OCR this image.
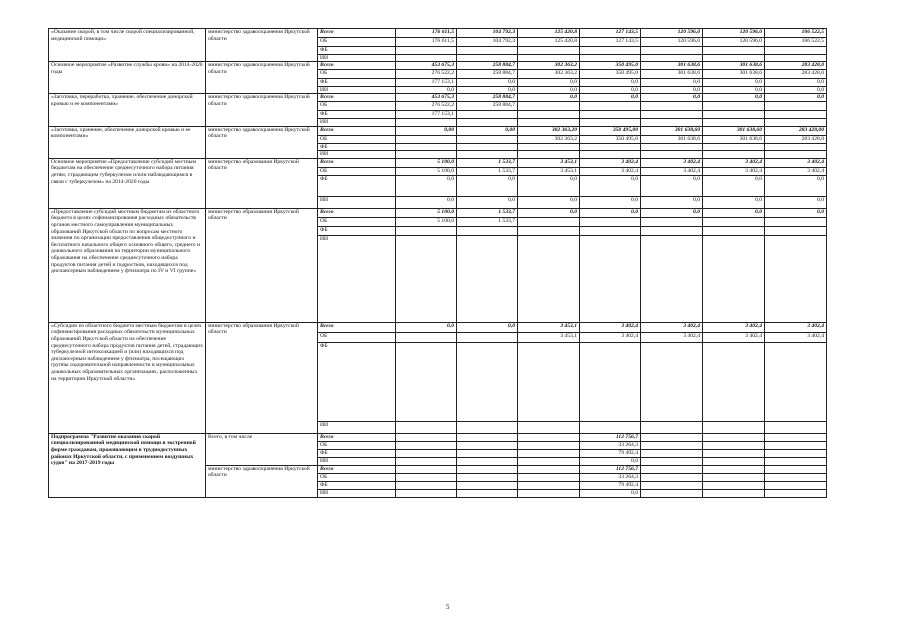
«Оказание скорой, в том числе скорой специализированной, медицинской помощи»	министерство здравоохранения Иркутской области	Всего	176 611,5	104 792,3	125 420,8	127 143,5	120 596,0	120 596,0	106 522,5
		ОБ	176 611,5	104 792,3	125 420,8	127 143,5	120 596,0	120 596,0	106 522,5
		ФБ							
		ИИ							
Основное мероприятие «Развитие службы крови» на 2014-2020 годы	министерство здравоохранения Иркутской области	Всего	453 675,3	258 884,7	302 363,2	350 495,0	301 638,6	301 638,6	283 428,0
		ОБ	276 522,2	258 884,7	302 363,2	350 495,0	301 638,6	301 638,6	283 428,0
		ФБ	177 153,1	0,0	0,0	0,0	0,0	0,0	0,0
		ИИ	0,0	0,0	0,0	0,0	0,0	0,0	0,0
«Заготовка, переработка, хранение, обеспечение донорской кровью и ее компонентами»	министерство здравоохранения Иркутской области	Всего	453 675,3	258 884,7	0,0	0,0	0,0	0,0	0,0
		ОБ	276 522,2	258 884,7					
		ФБ	177 153,1						
		ИИ							
«Заготовка, хранение, обеспечение донорской кровью и ее компонентами»	министерство здравоохранения Иркутской области	Всего	0,00	0,00	302 363,20	350 495,00	301 638,60	301 638,60	283 428,00
		ОБ			302 363,2	350 495,0	301 638,6	301 638,6	283 428,0
		ФБ							
		ИИ							
Основное мероприятие «Предоставление субсидий местным бюджетам на обеспечение среднесуточного набора питания детям, страдающим туберкулезом и/или наблюдающимся в связи с туберкулезом» на 2014-2020 годы	министерство образования Иркутской области	Всего	5 100,0	1 533,7	3 453,1	3 402,4	3 402,4	3 402,4	3 402,4
		ОБ	5 100,0	1 533,7	3 453,1	3 402,4	3 402,4	3 402,4	3 402,4
		ФБ	0,0	0,0	0,0	0,0	0,0	0,0	0,0
		ИИ	0,0	0,0	0,0	0,0	0,0	0,0	0,0
«Предоставление субсидий местным бюджетам из областного бюджета в целях софинансирования расходных обязательств органов местного самоуправления муниципальных образований Иркутской области по вопросам местного значения по организации предоставления общедоступного и бесплатного начального общего основного общего, среднего и дошкольного образования на территории муниципального образования на обеспечение среднесуточного набора продуктов питания детей и подростков, находящихся под диспансерным наблюдением у фтизиатра по IV и VI группе»	министерство образования Иркутской области	Всего	5 100,0	1 533,7	0,0	0,0	0,0	0,0	0,0
		ОБ	5 100,0	1 533,7					
		ФБ							
		ИИ							
«Субсидии из областного бюджета местным бюджетам в целях софинансирования расходных обязательств муниципальных образований Иркутской области на обеспечение среднесуточного набора продуктов питания детей, страдающих туберкулезной интоксикацией и (или) находящихся под диспансерным наблюдением у фтизиатра, посещающих группы оздоровительной направленности в муниципальных дошкольных образовательных организациях, расположенных на территории Иркутской области»	министерство образования Иркутской области	Всего	0,0	0,0	3 453,1	3 402,4	3 402,4	3 402,4	3 402,4
		ОБ			3 453,1	3 402,4	3 402,4	3 402,4	3 402,4
		ФБ							
		ИИ							
Подпрограмма "Развитие оказания скорой специализированной медицинской помощи в экстренной форме гражданам, проживающим в труднодоступных районах Иркутской области, с применением воздушных судов" на 2017-2019 годы	Всего, в том числе	Всего				112 756,7			
		ОБ				33 264,3			
		ФБ				79 492,4			
		ИИ				0,0			
	министерство здравоохранения Иркутской области	Всего				112 756,7			
		ОБ				33 264,3			
		ФБ				79 492,4			
		ИИ				0,0			
5
